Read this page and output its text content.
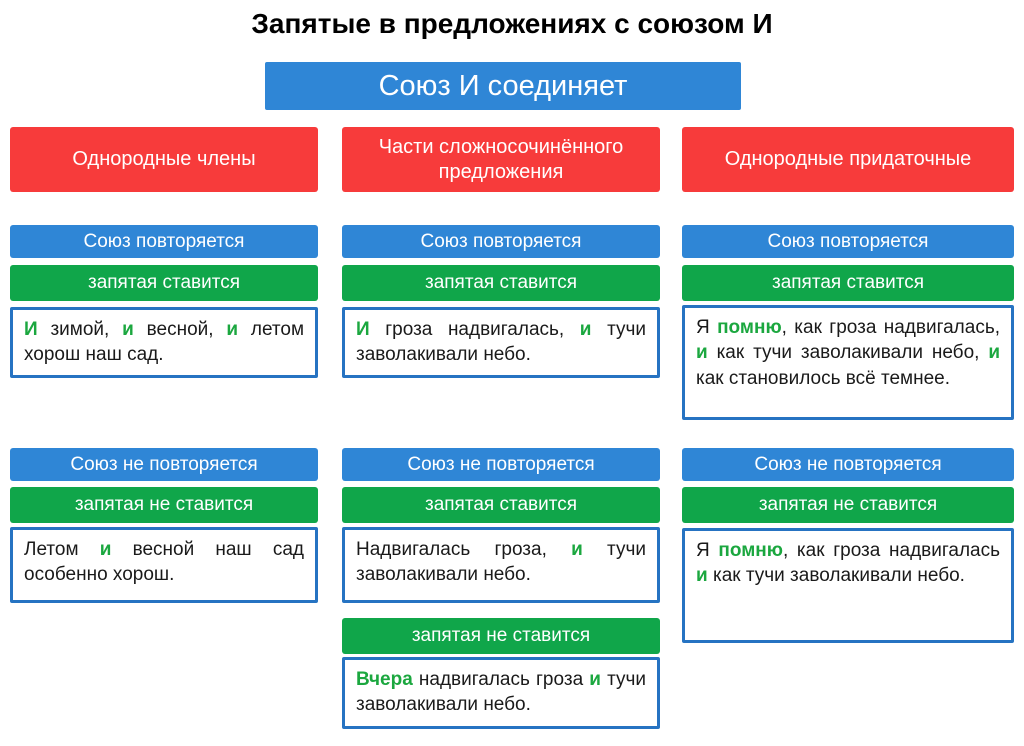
Запятые в предложениях с союзом И
Союз И соединяет
Однородные члены
Части сложносочинённого предложения
Однородные придаточные
Союз повторяется	Союз повторяется	Союз повторяется
запятая ставится	запятая ставится	запятая ставится
И зимой, и весной, и летом хорош наш сад.
И гроза надвигалась, и тучи заволакивали небо.
Я помню, как гроза надвигалась, и как тучи заволакивали небо, и как становилось всё темнее.
Союз не повторяется	Союз не повторяется	Союз не повторяется
запятая не ставится	запятая ставится	запятая не ставится
Летом и весной наш сад особенно хорош.
Надвигалась гроза, и тучи заволакивали небо.
Я помню, как гроза надвигалась и как тучи заволакивали небо.
запятая не ставится
Вчера надвигалась гроза и тучи заволакивали небо.
